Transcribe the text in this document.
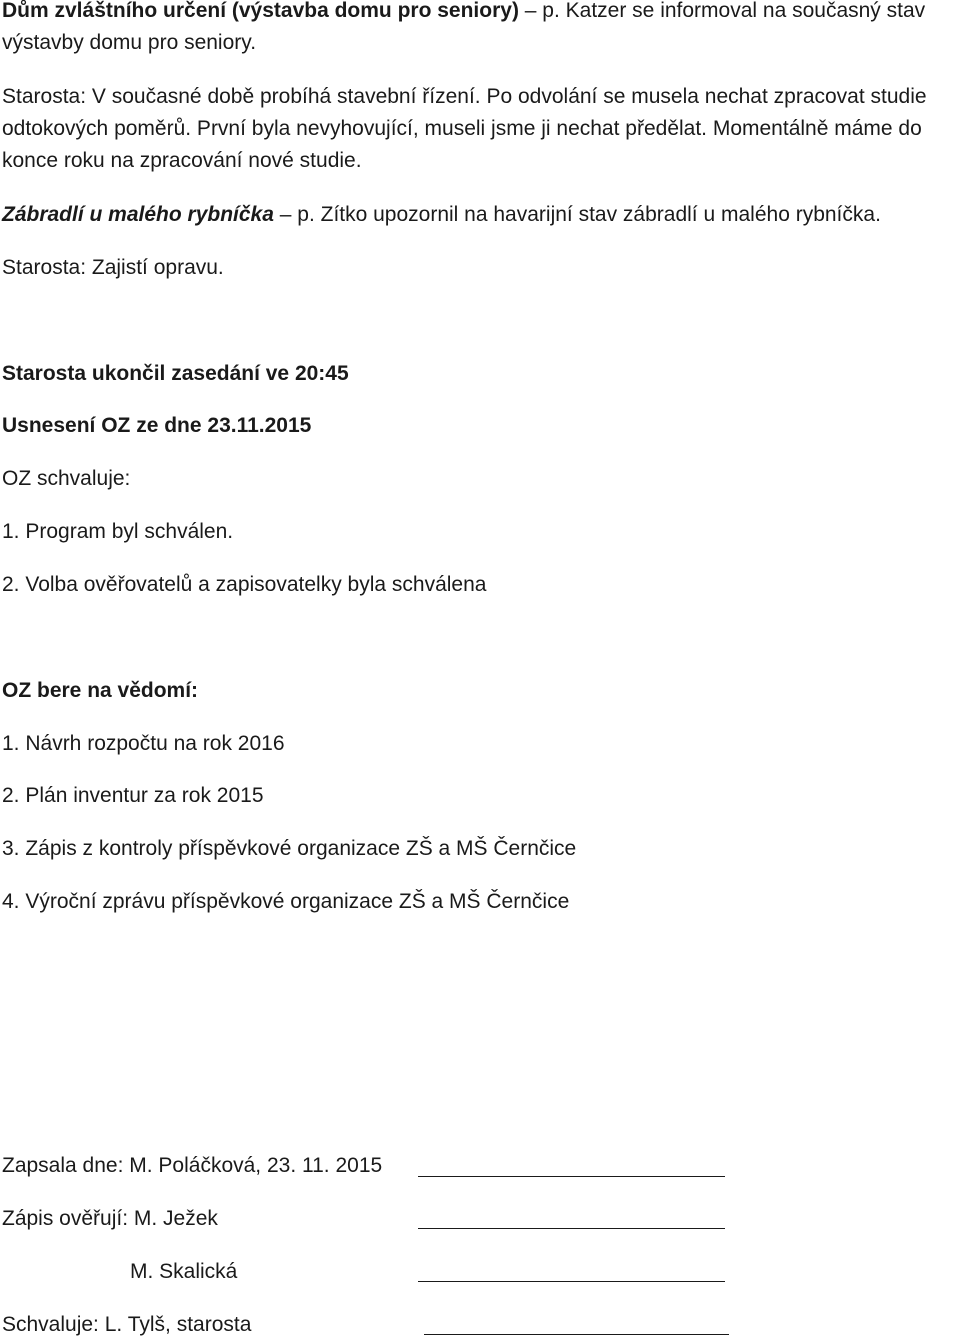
Dům zvláštního určení (výstavba domu pro seniory) – p. Katzer se informoval na současný stav
výstavby domu pro seniory.
Starosta: V současné době probíhá stavební řízení. Po odvolání se musela nechat zpracovat studie
odtokových poměrů. První byla nevyhovující, museli jsme ji nechat předělat. Momentálně máme do
konce roku na zpracování nové studie.
Zábradlí u malého rybníčka – p. Zítko upozornil na havarijní stav zábradlí u malého rybníčka.
Starosta: Zajistí opravu.
Starosta ukončil zasedání ve 20:45
Usnesení OZ ze dne 23.11.2015
OZ schvaluje:
1. Program byl schválen.
2. Volba ověřovatelů a zapisovatelky byla schválena
OZ bere na vědomí:
1. Návrh rozpočtu na rok 2016
2. Plán inventur za rok 2015
3. Zápis z kontroly příspěvkové organizace ZŠ a MŠ Černčice
4. Výroční zprávu příspěvkové organizace ZŠ a MŠ Černčice
Zapsala dne: M. Poláčková, 23. 11. 2015
Zápis ověřují: M. Ježek
M. Skalická
Schvaluje: L. Tylš, starosta
